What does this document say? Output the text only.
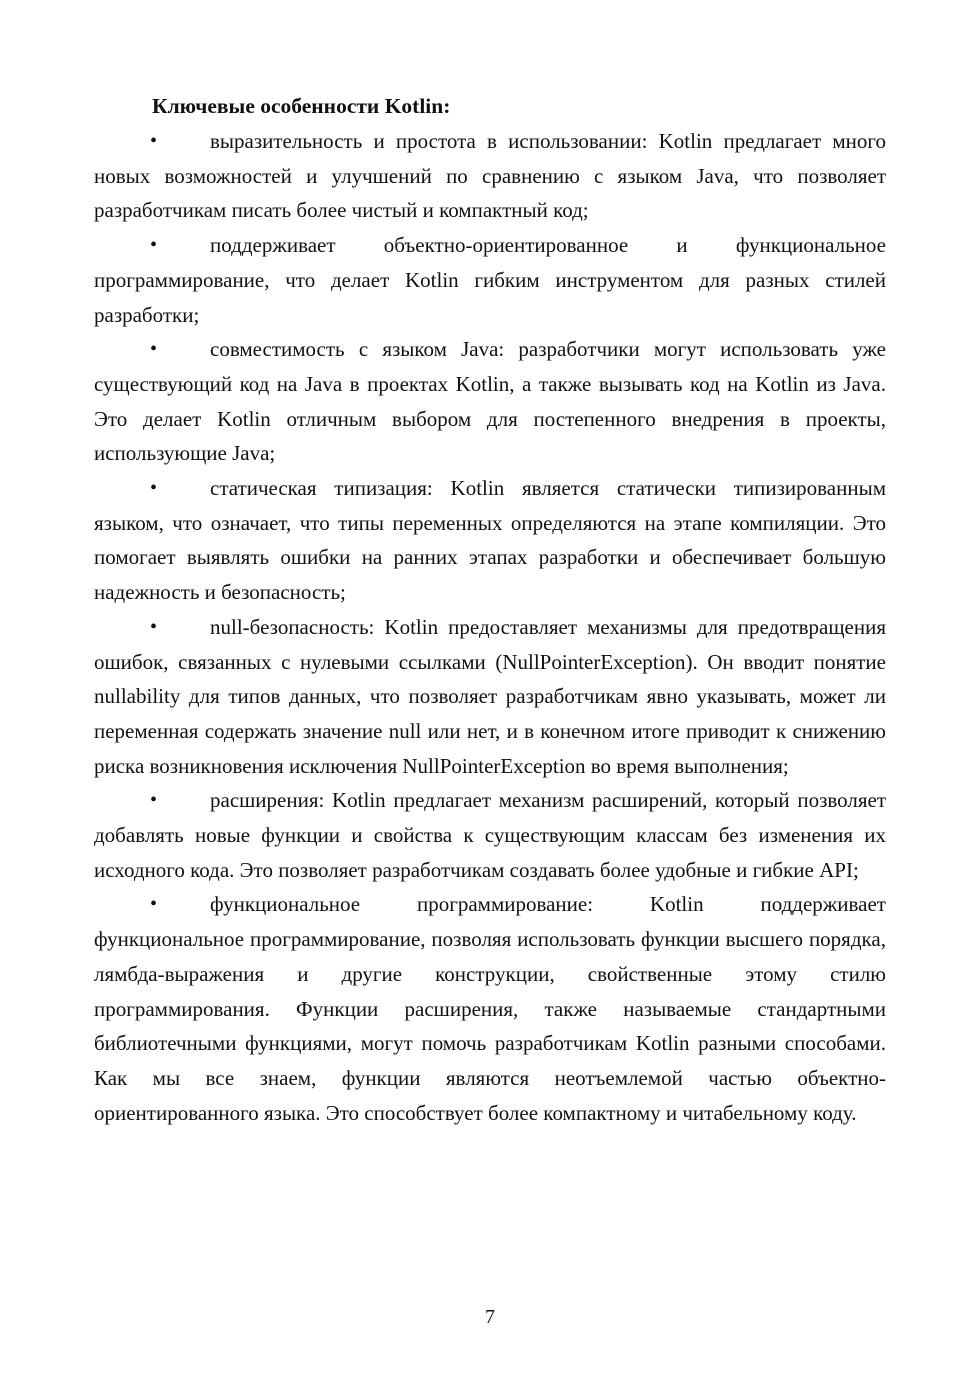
Ключевые особенности Kotlin:

•	выразительность и простота в использовании: Kotlin предлагает много новых возможностей и улучшений по сравнению с языком Java, что позволяет разработчикам писать более чистый и компактный код;

•	поддерживает объектно-ориентированное и функциональное программирование, что делает Kotlin гибким инструментом для разных стилей разработки;

•	совместимость с языком Java: разработчики могут использовать уже существующий код на Java в проектах Kotlin, а также вызывать код на Kotlin из Java. Это делает Kotlin отличным выбором для постепенного внедрения в проекты, использующие Java;

•	статическая типизация: Kotlin является статически типизированным языком, что означает, что типы переменных определяются на этапе компиляции. Это помогает выявлять ошибки на ранних этапах разработки и обеспечивает большую надежность и безопасность;

•	null-безопасность: Kotlin предоставляет механизмы для предотвращения ошибок, связанных с нулевыми ссылками (NullPointerException). Он вводит понятие nullability для типов данных, что позволяет разработчикам явно указывать, может ли переменная содержать значение null или нет, и в конечном итоге приводит к снижению риска возникновения исключения NullPointerException во время выполнения;

•	расширения: Kotlin предлагает механизм расширений, который позволяет добавлять новые функции и свойства к существующим классам без изменения их исходного кода. Это позволяет разработчикам создавать более удобные и гибкие API;

•	функциональное программирование: Kotlin поддерживает функциональное программирование, позволяя использовать функции высшего порядка, лямбда-выражения и другие конструкции, свойственные этому стилю программирования. Функции расширения, также называемые стандартными библиотечными функциями, могут помочь разработчикам Kotlin разными способами. Как мы все знаем, функции являются неотъемлемой частью объектно-ориентированного языка. Это способствует более компактному и читабельному коду.

7
